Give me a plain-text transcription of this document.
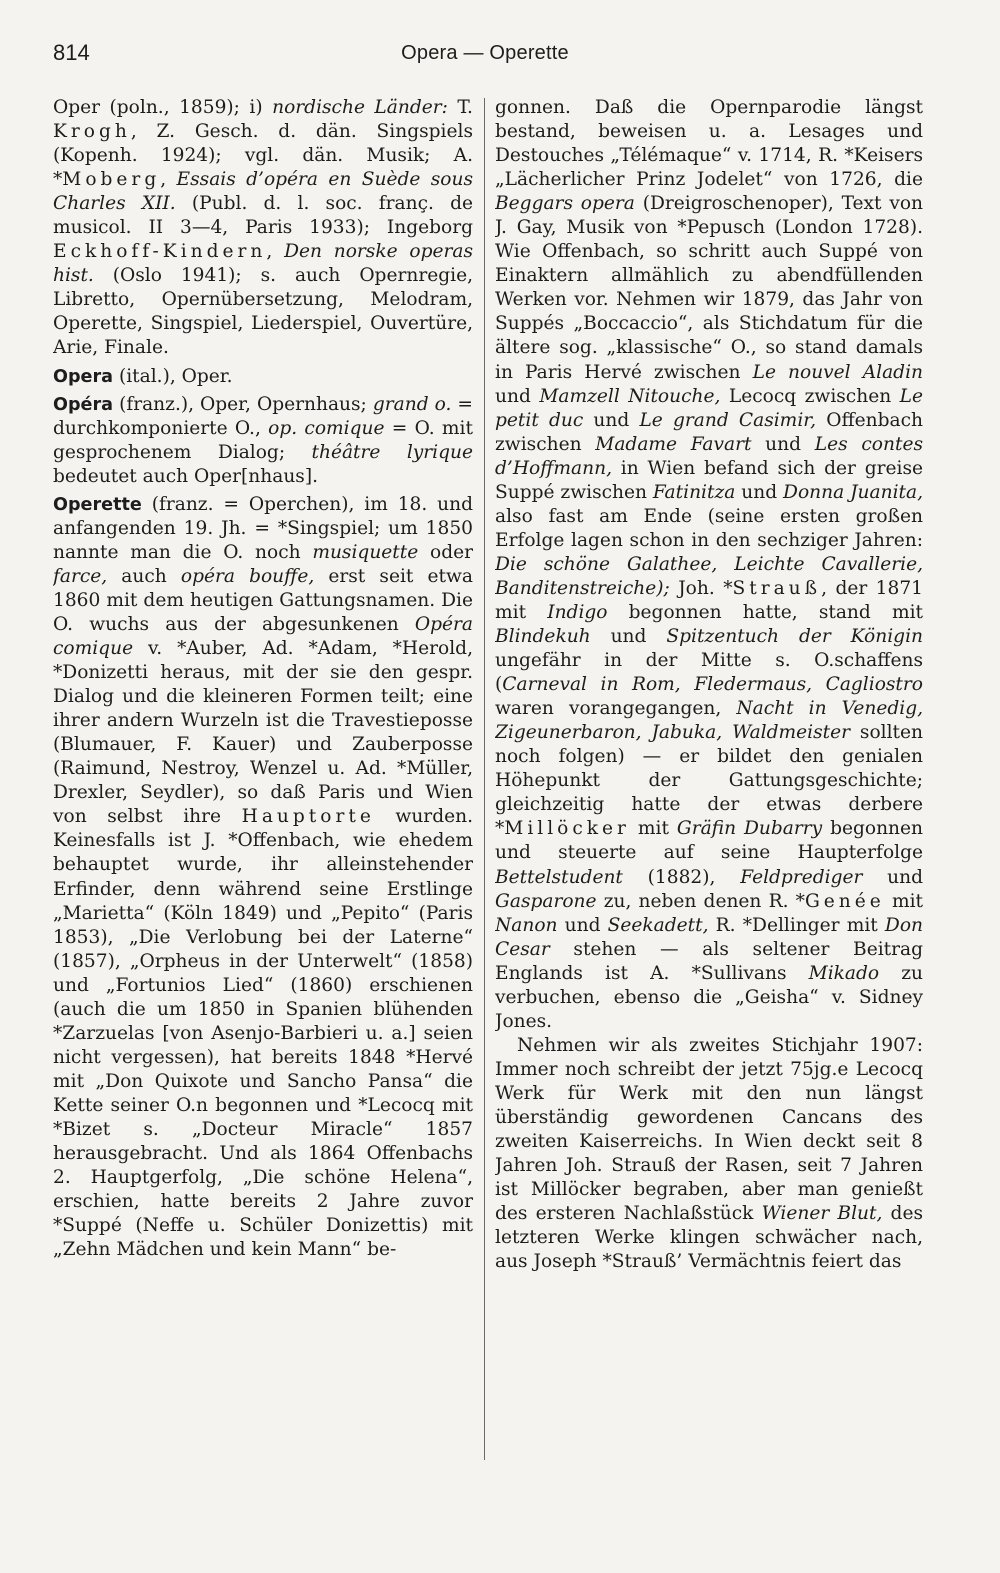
814	Opera — Operette

Oper (poln., 1859); i) nordische Länder: T. Krogh, Z. Gesch. d. dän. Singspiels (Kopenh. 1924); vgl. dän. Musik; A. *Moberg, Essais d’opéra en Suède sous Charles XII. (Publ. d. l. soc. franç. de musicol. II 3—4, Paris 1933); Ingeborg Eckhoff-Kindern, Den norske operas hist. (Oslo 1941); s. auch Opernregie, Libretto, Opernübersetzung, Melodram, Operette, Singspiel, Liederspiel, Ouvertüre, Arie, Finale.

Opera (ital.), Oper.

Opéra (franz.), Oper, Opernhaus; grand o. = durchkomponierte O., op. comique = O. mit gesprochenem Dialog; théâtre lyrique bedeutet auch Oper[nhaus].

Operette (franz. = Operchen), im 18. und anfangenden 19. Jh. = *Singspiel; um 1850 nannte man die O. noch musiquette oder farce, auch opéra bouffe, erst seit etwa 1860 mit dem heutigen Gattungsnamen. Die O. wuchs aus der abgesunkenen Opéra comique v. *Auber, Ad. *Adam, *Herold, *Donizetti heraus, mit der sie den gespr. Dialog und die kleineren Formen teilt; eine ihrer andern Wurzeln ist die Travestieposse (Blumauer, F. Kauer) und Zauberposse (Raimund, Nestroy, Wenzel u. Ad. *Müller, Drexler, Seydler), so daß Paris und Wien von selbst ihre Hauptorte wurden. Keinesfalls ist J. *Offenbach, wie ehedem behauptet wurde, ihr alleinstehender Erfinder, denn während seine Erstlinge „Marietta“ (Köln 1849) und „Pepito“ (Paris 1853), „Die Verlobung bei der Laterne“ (1857), „Orpheus in der Unterwelt“ (1858) und „Fortunios Lied“ (1860) erschienen (auch die um 1850 in Spanien blühenden *Zarzuelas [von Asenjo-Barbieri u. a.] seien nicht vergessen), hat bereits 1848 *Hervé mit „Don Quixote und Sancho Pansa“ die Kette seiner O.n begonnen und *Lecocq mit *Bizet s. „Docteur Miracle“ 1857 herausgebracht. Und als 1864 Offenbachs 2. Hauptgerfolg, „Die schöne Helena“, erschien, hatte bereits 2 Jahre zuvor *Suppé (Neffe u. Schüler Donizettis) mit „Zehn Mädchen und kein Mann“ be-

gonnen. Daß die Opernparodie längst bestand, beweisen u. a. Lesages und Destouches „Télémaque“ v. 1714, R. *Keisers „Lächerlicher Prinz Jodelet“ von 1726, die Beggars opera (Dreigroschenoper), Text von J. Gay, Musik von *Pepusch (London 1728). Wie Offenbach, so schritt auch Suppé von Einaktern allmählich zu abendfüllenden Werken vor. Nehmen wir 1879, das Jahr von Suppés „Boccaccio“, als Stichdatum für die ältere sog. „klassische“ O., so stand damals in Paris Hervé zwischen Le nouvel Aladin und Mamzell Nitouche, Lecocq zwischen Le petit duc und Le grand Casimir, Offenbach zwischen Madame Favart und Les contes d’Hoffmann, in Wien befand sich der greise Suppé zwischen Fatinitza und Donna Juanita, also fast am Ende (seine ersten großen Erfolge lagen schon in den sechziger Jahren: Die schöne Galathee, Leichte Cavallerie, Banditenstreiche); Joh. *Strauß, der 1871 mit Indigo begonnen hatte, stand mit Blindekuh und Spitzentuch der Königin ungefähr in der Mitte s. O.schaffens (Carneval in Rom, Fledermaus, Cagliostro waren vorangegangen, Nacht in Venedig, Zigeunerbaron, Jabuka, Waldmeister sollten noch folgen) — er bildet den genialen Höhepunkt der Gattungsgeschichte; gleichzeitig hatte der etwas derbere *Millöcker mit Gräfin Dubarry begonnen und steuerte auf seine Haupterfolge Bettelstudent (1882), Feldprediger und Gasparone zu, neben denen R. *Genée mit Nanon und Seekadett, R. *Dellinger mit Don Cesar stehen — als seltener Beitrag Englands ist A. *Sullivans Mikado zu verbuchen, ebenso die „Geisha“ v. Sidney Jones.

Nehmen wir als zweites Stichjahr 1907: Immer noch schreibt der jetzt 75jg.e Lecocq Werk für Werk mit den nun längst überständig gewordenen Cancans des zweiten Kaiserreichs. In Wien deckt seit 8 Jahren Joh. Strauß der Rasen, seit 7 Jahren ist Millöcker begraben, aber man genießt des ersteren Nachlaßstück Wiener Blut, des letzteren Werke klingen schwächer nach, aus Joseph *Strauß’ Vermächtnis feiert das
